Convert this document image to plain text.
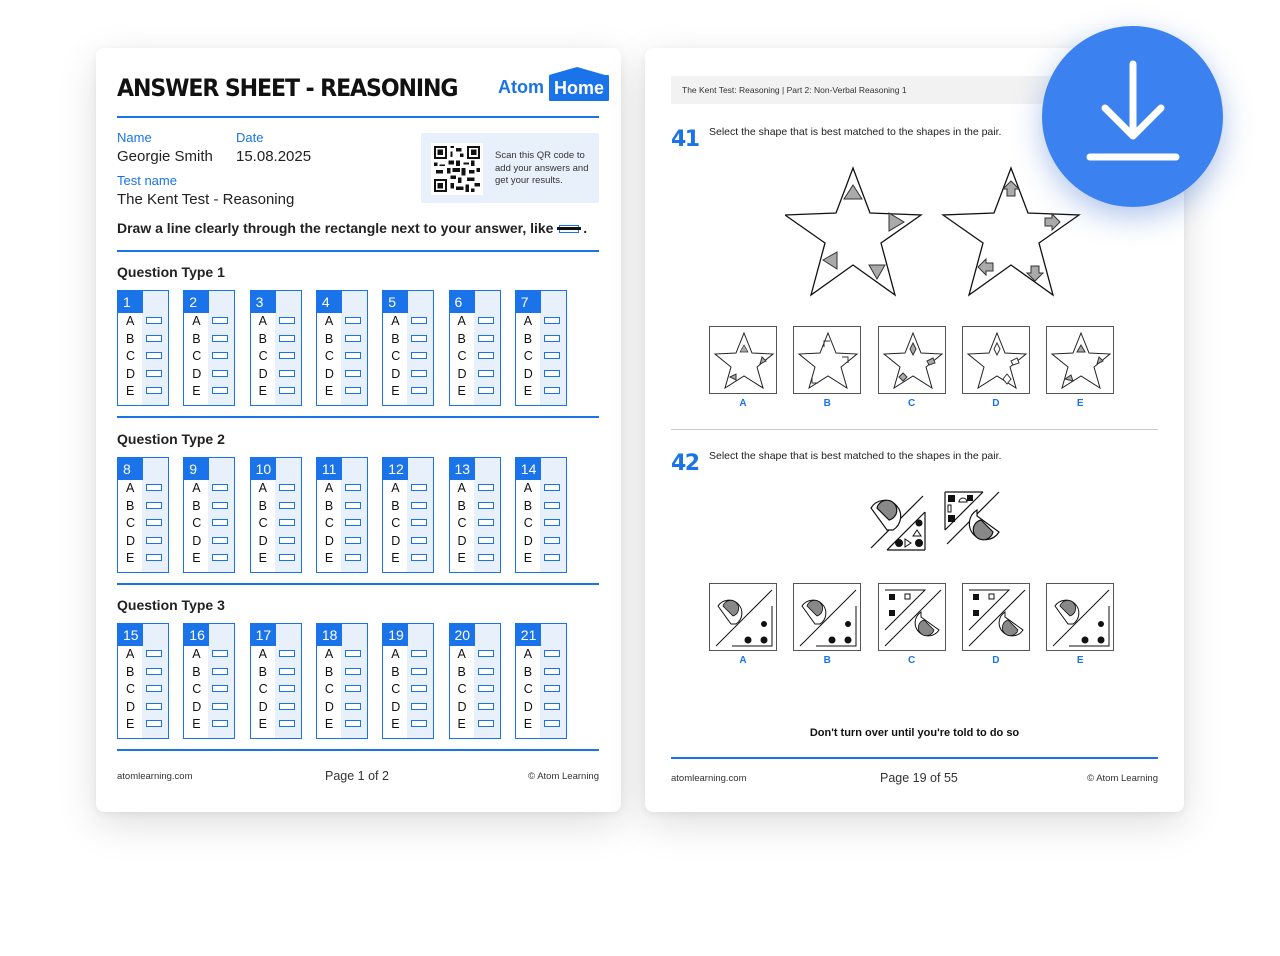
ANSWER SHEET - REASONING Atom Home
Name
Georgie Smith
Date
15.08.2025
Test name
The Kent Test - Reasoning
Scan this QR code to add your answers and get your results.
Draw a line clearly through the rectangle next to your answer, like .
Question Type 1
1
A
B
C
D
E
2
A
B
C
D
E
3
A
B
C
D
E
4
A
B
C
D
E
5
A
B
C
D
E
6
A
B
C
D
E
7
A
B
C
D
E
Question Type 2
8
A
B
C
D
E
9
A
B
C
D
E
10
A
B
C
D
E
11
A
B
C
D
E
12
A
B
C
D
E
13
A
B
C
D
E
14
A
B
C
D
E
Question Type 3
15
A
B
C
D
E
16
A
B
C
D
E
17
A
B
C
D
E
18
A
B
C
D
E
19
A
B
C
D
E
20
A
B
C
D
E
21
A
B
C
D
E
atomlearning.com	Page 1 of 2	© Atom Learning
The Kent Test: Reasoning | Part 2: Non-Verbal Reasoning 1
41 Select the shape that is best matched to the shapes in the pair.
A	B	C	D	E
42 Select the shape that is best matched to the shapes in the pair.
A	B	C	D	E
Don't turn over until you're told to do so
atomlearning.com	Page 19 of 55	© Atom Learning
